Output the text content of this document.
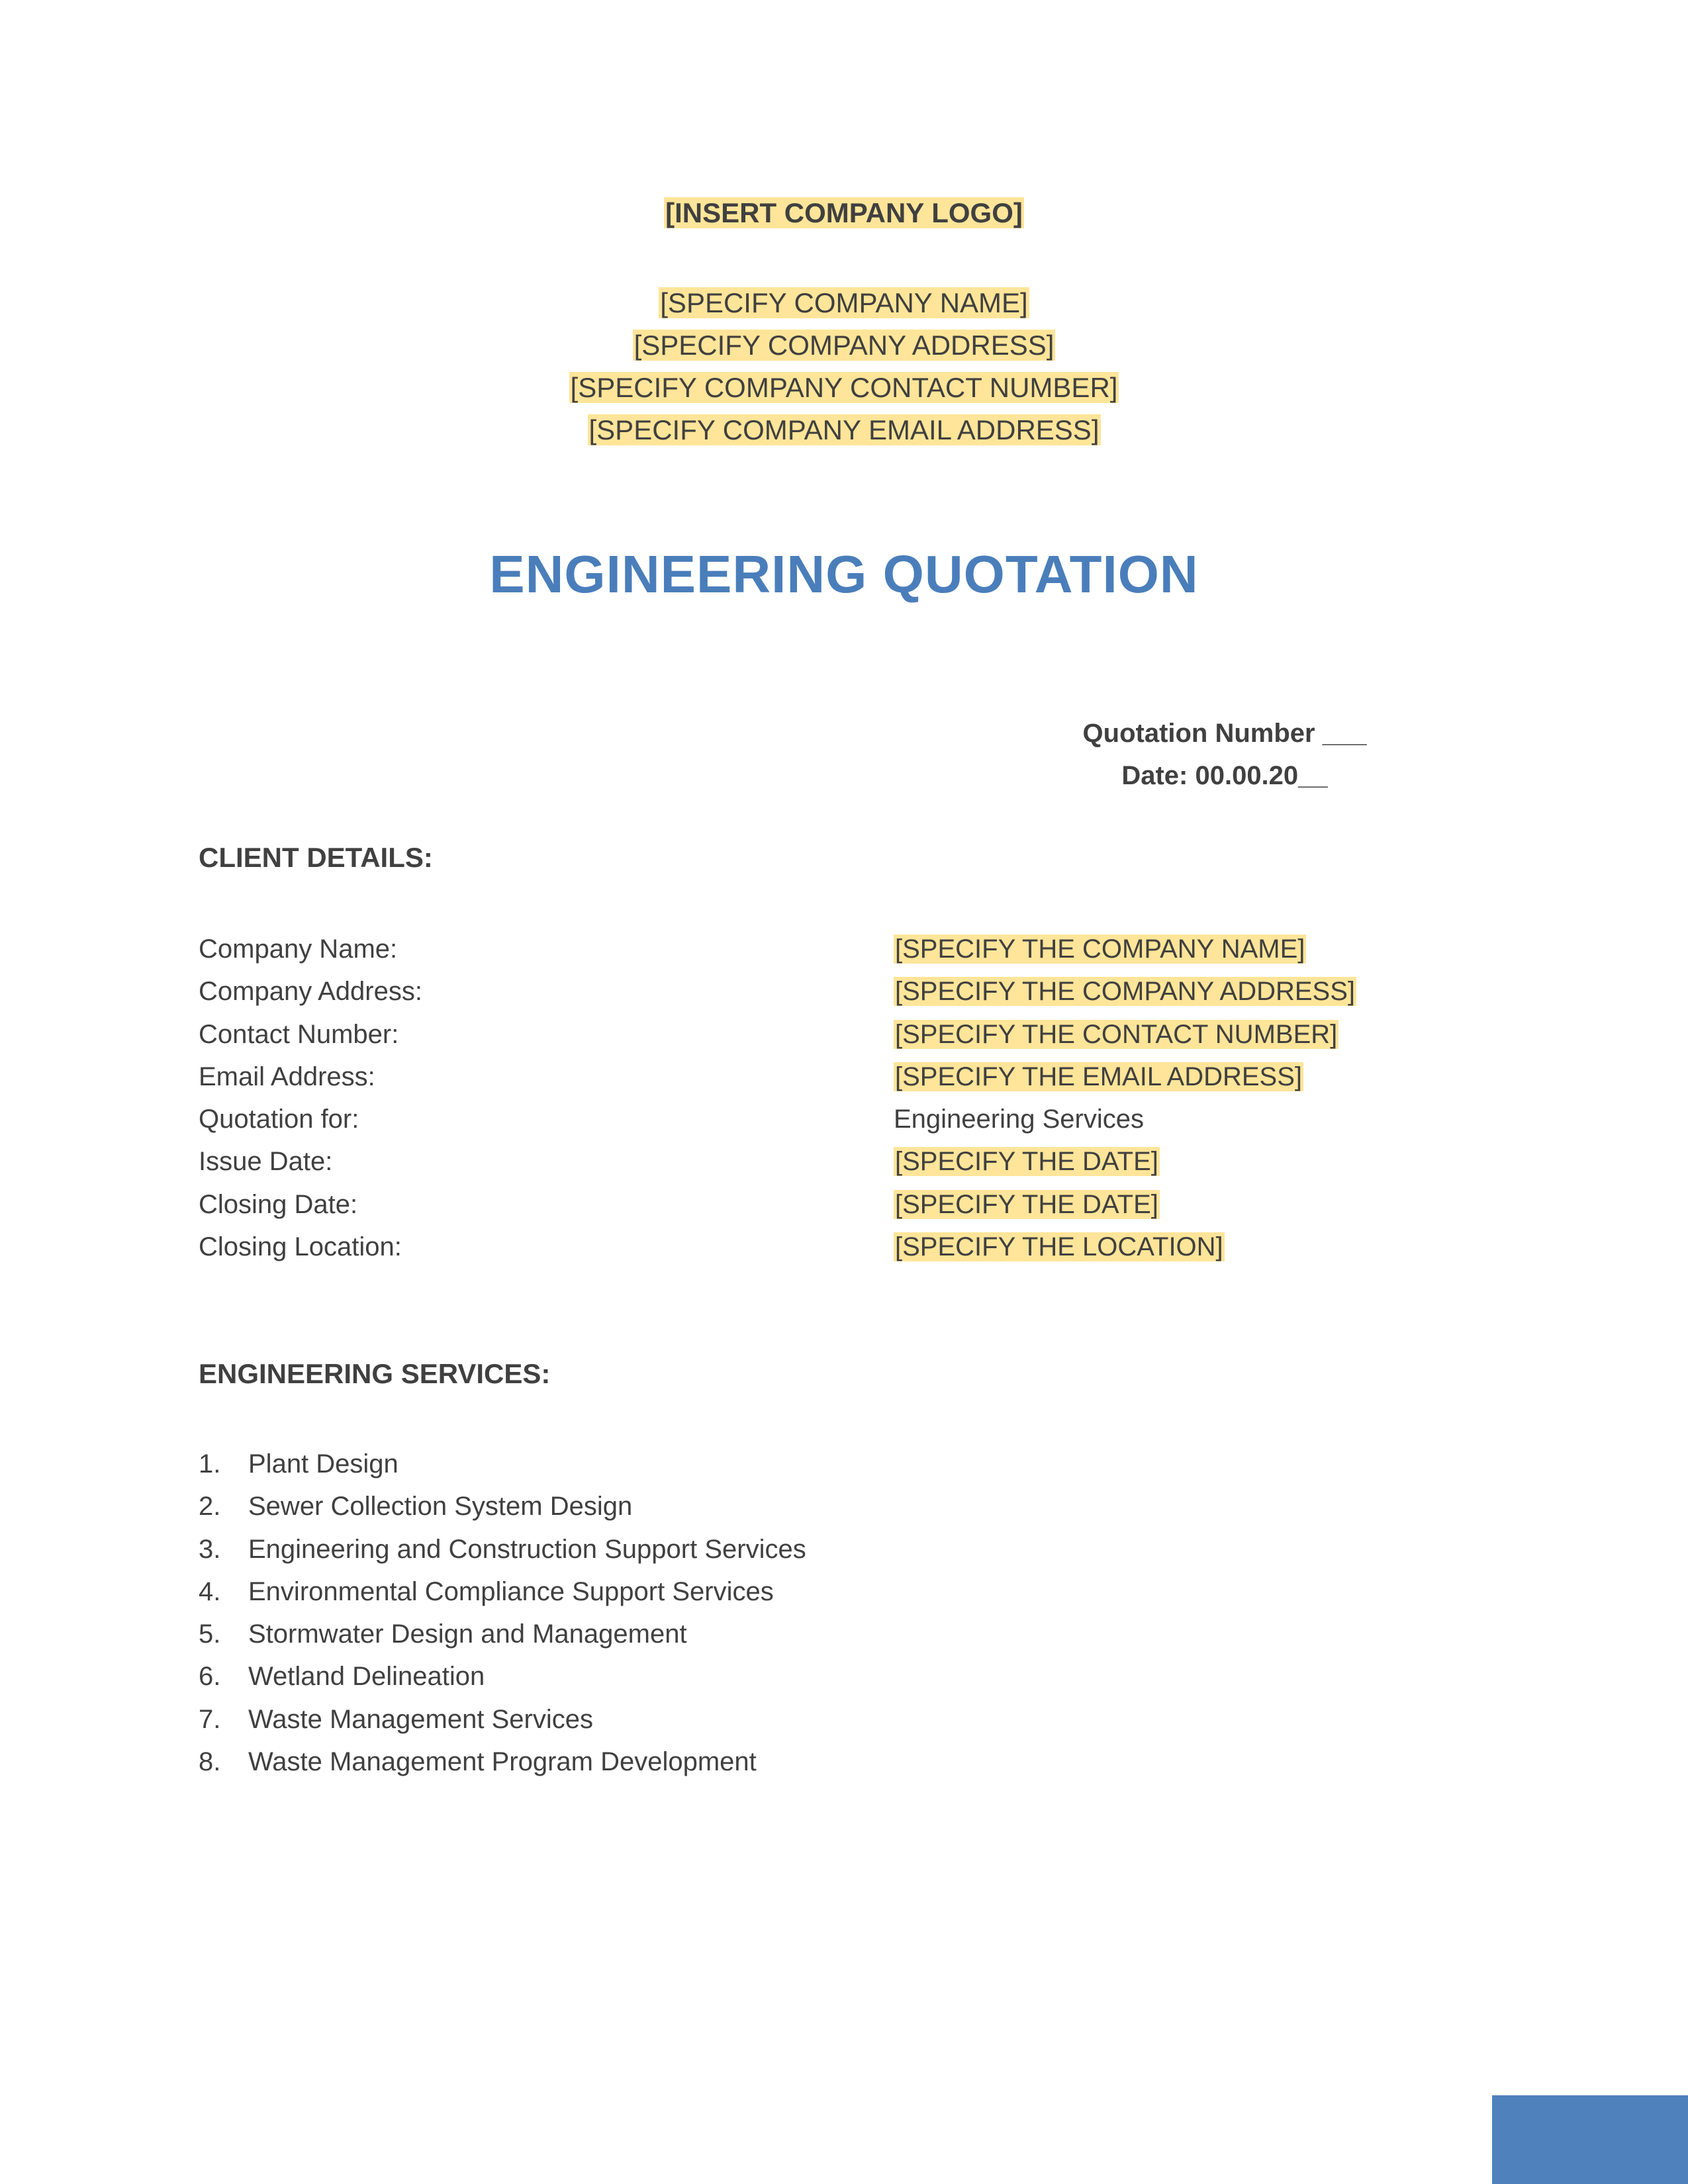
[INSERT COMPANY LOGO]
[SPECIFY COMPANY NAME]
[SPECIFY COMPANY ADDRESS]
[SPECIFY COMPANY CONTACT NUMBER]
[SPECIFY COMPANY EMAIL ADDRESS]
ENGINEERING QUOTATION
Quotation Number ___
Date: 00.00.20__
CLIENT DETAILS:
Company Name:	[SPECIFY THE COMPANY NAME]
Company Address:	[SPECIFY THE COMPANY ADDRESS]
Contact Number:	[SPECIFY THE CONTACT NUMBER]
Email Address:	[SPECIFY THE EMAIL ADDRESS]
Quotation for:	Engineering Services
Issue Date:	[SPECIFY THE DATE]
Closing Date:	[SPECIFY THE DATE]
Closing Location:	[SPECIFY THE LOCATION]
ENGINEERING SERVICES:
1.	Plant Design
2.	Sewer Collection System Design
3.	Engineering and Construction Support Services
4.	Environmental Compliance Support Services
5.	Stormwater Design and Management
6.	Wetland Delineation
7.	Waste Management Services
8.	Waste Management Program Development
